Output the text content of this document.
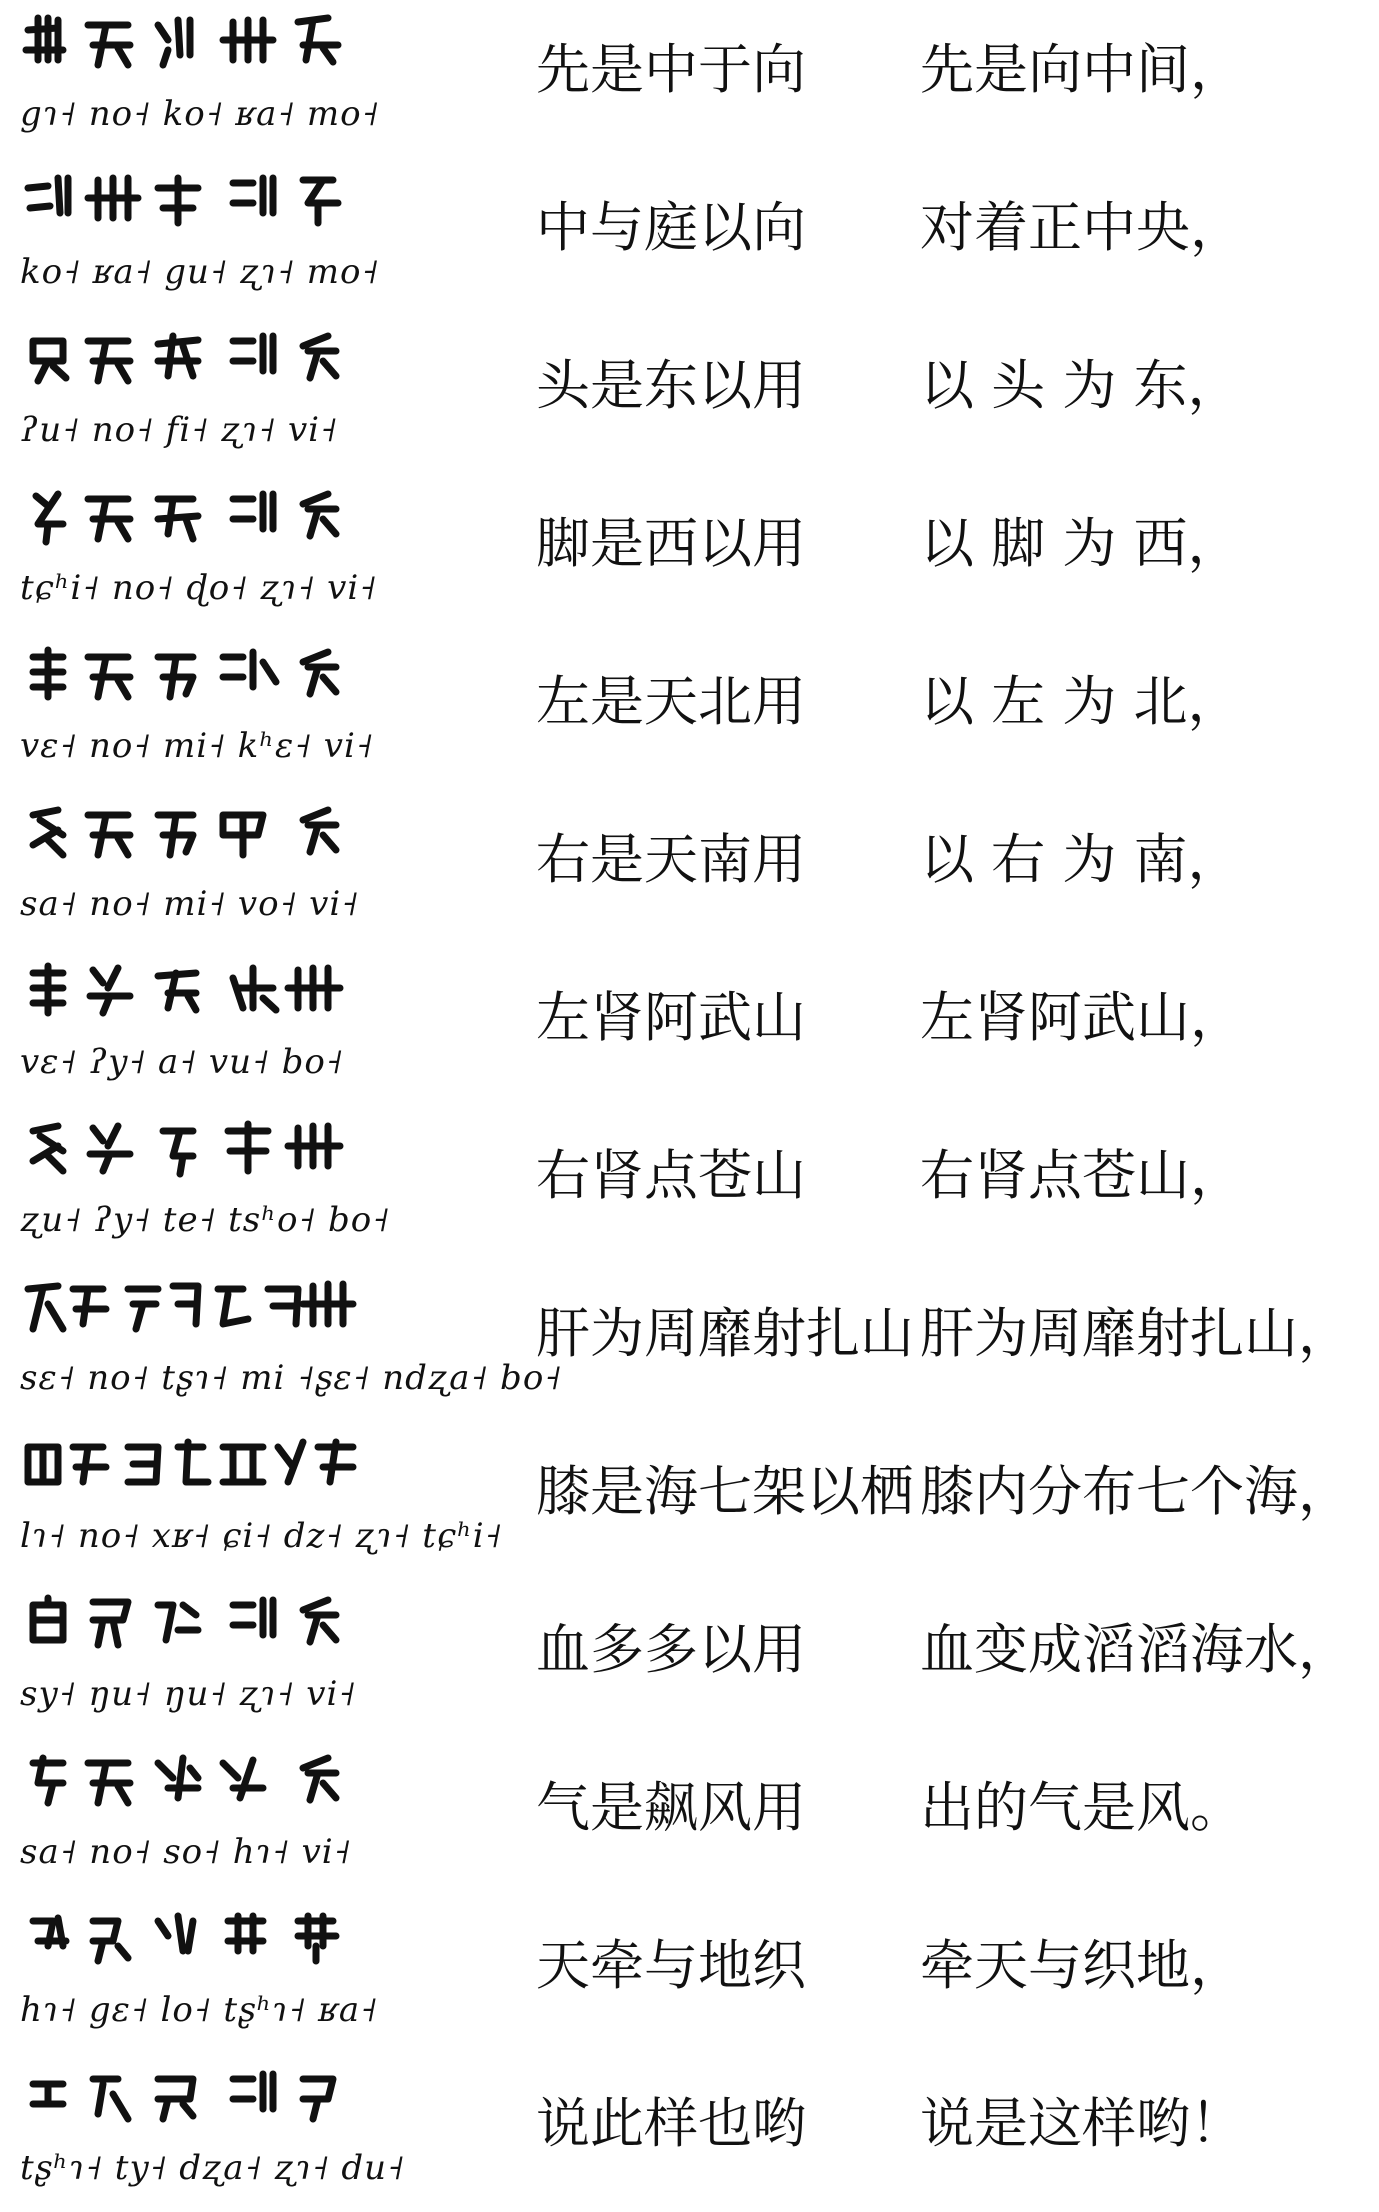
gɿ˧ no˧ ko˧ ʁa˧ mo˧
先是中于向 先是向中间，
ko˧ ʁa˧ gu˧ ʐɿ˧ mo˧
中与庭以向 对着正中央，
ʔu˧ no˧ fi˧ ʐɿ˧ vi˧
头是东以用 以 头 为 东，
tɕʰi˧ no˧ ɖo˧ ʐɿ˧ vi˧
脚是西以用 以 脚 为 西，
vɛ˧ no˧ mi˧ kʰɛ˧ vi˧
左是天北用 以 左 为 北，
sa˧ no˧ mi˧ vo˧ vi˧
右是天南用 以 右 为 南，
vɛ˧ ʔy˧ a˧ vu˧ bo˧
左肾阿武山 左肾阿武山，
ʐu˧ ʔy˧ te˧ tsʰo˧ bo˧
右肾点苍山 右肾点苍山，
sɛ˧ no˧ tʂɿ˧ mi ˧ʂɛ˧ ndʐa˧ bo˧
肝为周靡射扎山 肝为周靡射扎山，
lɿ˧ no˧ xʁ˧ ɕi˧ dz˧ ʐɿ˧ tɕʰi˧
膝是海七架以栖 膝内分布七个海，
sy˧ ŋu˧ ŋu˧ ʐɿ˧ vi˧
血多多以用 血变成滔滔海水，
sa˧ no˧ so˧ hɿ˧ vi˧
气是飙风用 出的气是风。
hɿ˧ gɛ˧ lo˧ tʂʰɿ˧ ʁa˧
天牵与地织 牵天与织地，
tʂʰɿ˧ ty˧ dʐa˧ ʐɿ˧ du˧
说此样也哟 说是这样哟！
